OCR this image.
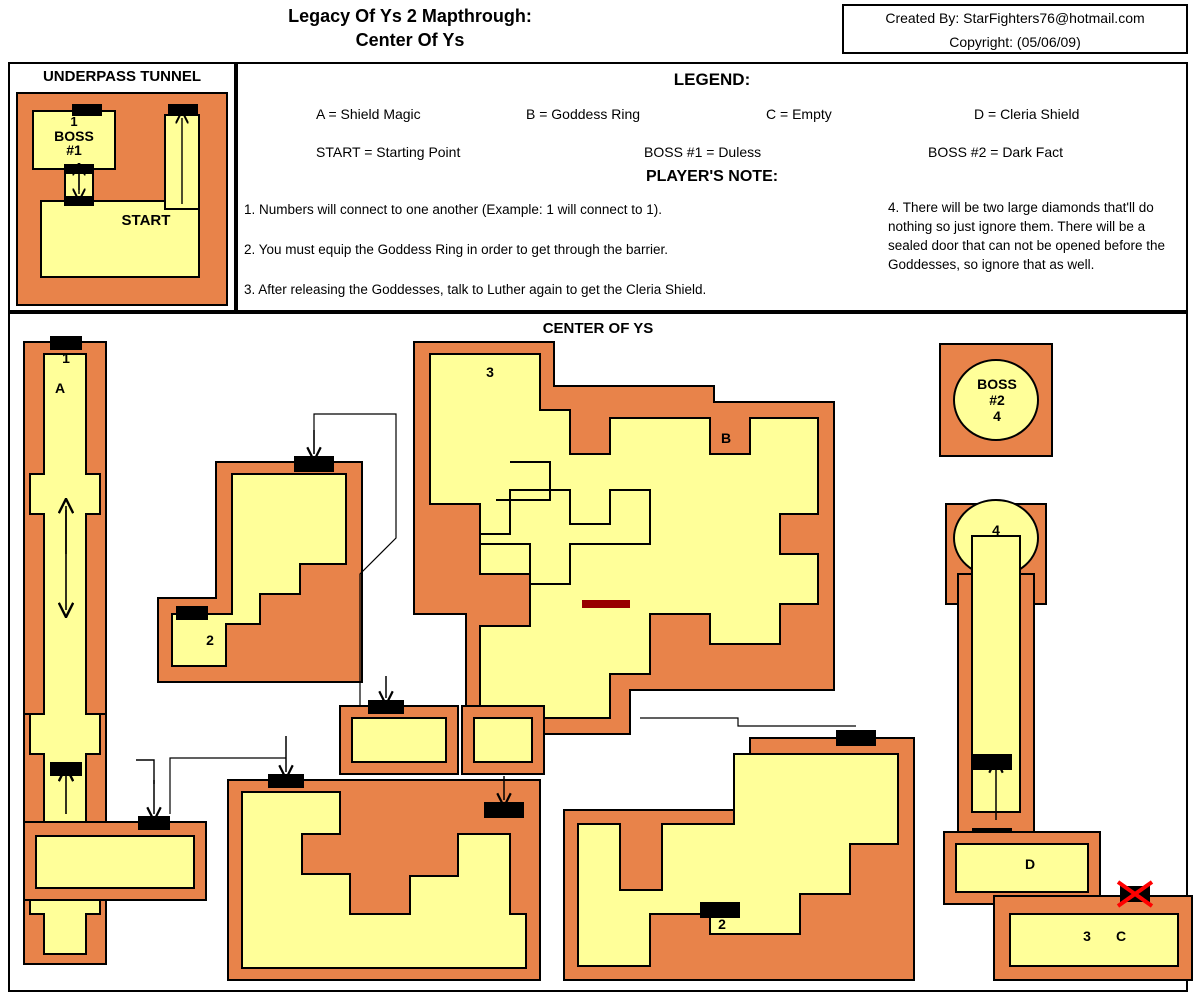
Legacy Of Ys 2 Mapthrough:
Center Of Ys
Created By: StarFighters76@hotmail.com
Copyright: (05/06/09)
UNDERPASS TUNNEL
1
BOSS
#1
START
LEGEND:
A = Shield Magic	B = Goddess Ring	C = Empty	D = Cleria Shield
START = Starting Point	BOSS #1 = Duless	BOSS #2 = Dark Fact
PLAYER'S NOTE:
1. Numbers will connect to one another (Example: 1 will connect to 1).
2. You must equip the Goddess Ring in order to get through the barrier.
3. After releasing the Goddesses, talk to Luther again to get the Cleria Shield.
4. There will be two large diamonds that'll do nothing so just ignore them. There will be a sealed door that can not be opened before the Goddesses, so ignore that as well.
CENTER OF YS
1
A
2
3
B
BOSS
#2
4
4
2
D
3	C
